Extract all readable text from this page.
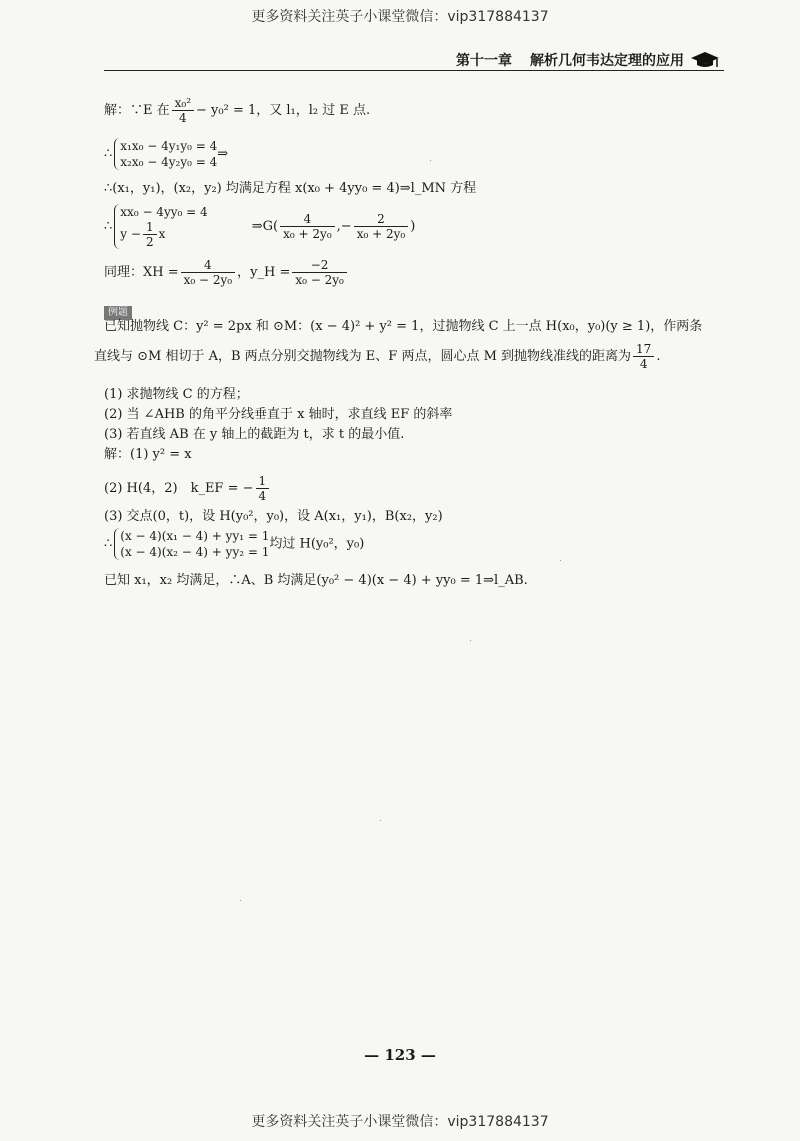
更多资料关注英子小课堂微信：vip317884137
第十一章 解析几何韦达定理的应用
解：∵E 在 $\frac{\text{x₀²}}{4} - y_0^2 = 1$，又 l₁，l₂ 过 E 点.
∴
x₁x₀ − 4y₁y₀ = 4
x₂x₀ − 4y₂y₀ = 4
⇒
∴(x₁，y₁)，(x₂，y₂) 均满足方程 x(x₀ + 4yy₀ = 4)⇒l_MN 方程
∴
xx₀ − 4yy₀ = 4
$y - \frac{1}{2}$ x	⇒G( $\frac{4}{\text{x₀ + 2y₀}}$ ,− $\frac{2}{\text{x₀ + 2y₀}}$ )
同理：XH = $\frac{4}{\text{x₀ − 2y₀}}$ ，y_H = $\frac{-2}{\text{x₀ − 2y₀}}$
例题
已知抛物线 C：y² = 2px 和 ⊙M：(x − 4)² + y² = 1，过抛物线 C 上一点 H(x₀，y₀)(y ≥ 1)，作两条
直线与 ⊙M 相切于 A，B 两点分别交抛物线为 E、F 两点，圆心点 M 到抛物线准线的距离为 $\frac{17}{4}$ .
(1) 求抛物线 C 的方程；
(2) 当 ∠AHB 的角平分线垂直于 x 轴时，求直线 EF 的斜率
(3) 若直线 AB 在 y 轴上的截距为 t，求 t 的最小值.
解：(1) y² = x
(2) H(4，2)　k_EF = − $\frac{1}{4}$
(3) 交点(0，t)，设 H(y₀²，y₀)，设 A(x₁，y₁)，B(x₂，y₂)
∴
(x − 4)(x₁ − 4) + yy₁ = 1
(x − 4)(x₂ − 4) + yy₂ = 1
均过 H(y₀²，y₀)
已知 x₁，x₂ 均满足，∴A、B 均满足(y₀² − 4)(x − 4) + yy₀ = 1⇒l_AB.
— 123 —
更多资料关注英子小课堂微信：vip317884137
